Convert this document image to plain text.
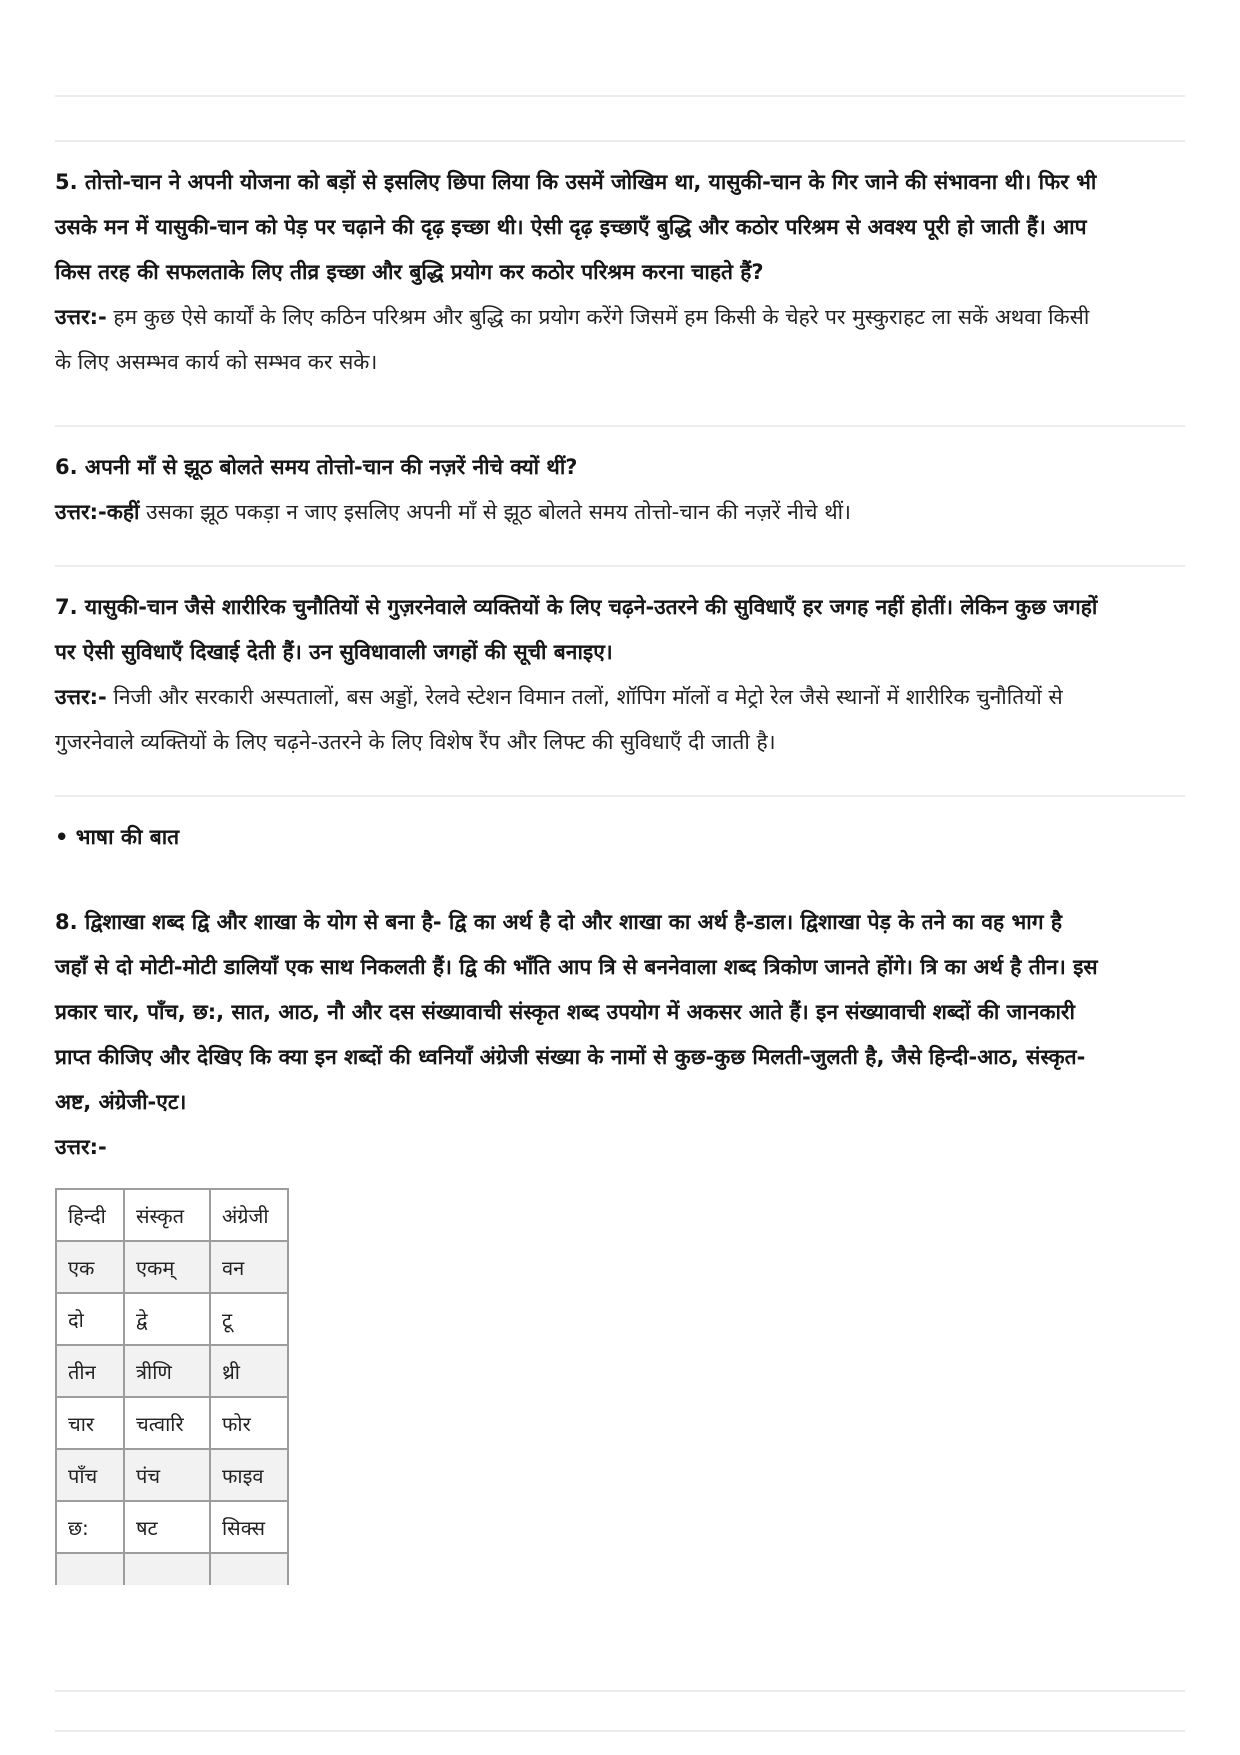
5. तोत्तो-चान ने अपनी योजना को बड़ों से इसलिए छिपा लिया कि उसमें जोखिम था, यासुकी-चान के गिर जाने की संभावना थी। फिर भी उसके मन में यासुकी-चान को पेड़ पर चढ़ाने की दृढ़ इच्छा थी। ऐसी दृढ़ इच्छाएँ बुद्धि और कठोर परिश्रम से अवश्य पूरी हो जाती हैं। आप किस तरह की सफलताके लिए तीव्र इच्छा और बुद्धि प्रयोग कर कठोर परिश्रम करना चाहते हैं?

उत्तर:- हम कुछ ऐसे कार्यों के लिए कठिन परिश्रम और बुद्धि का प्रयोग करेंगे जिसमें हम किसी के चेहरे पर मुस्कुराहट ला सकें अथवा किसी के लिए असम्भव कार्य को सम्भव कर सके।

6. अपनी माँ से झूठ बोलते समय तोत्तो-चान की नज़रें नीचे क्यों थीं?

उत्तर:-कहीं उसका झूठ पकड़ा न जाए इसलिए अपनी माँ से झूठ बोलते समय तोत्तो-चान की नज़रें नीचे थीं।

7. यासुकी-चान जैसे शारीरिक चुनौतियों से गुज़रनेवाले व्यक्तियों के लिए चढ़ने-उतरने की सुविधाएँ हर जगह नहीं होतीं। लेकिन कुछ जगहों पर ऐसी सुविधाएँ दिखाई देती हैं। उन सुविधावाली जगहों की सूची बनाइए।

उत्तर:- निजी और सरकारी अस्पतालों, बस अड्डों, रेलवे स्टेशन विमान तलों, शॉपिग मॉलों व मेट्रो रेल जैसे स्थानों में शारीरिक चुनौतियों से गुजरनेवाले व्यक्तियों के लिए चढ़ने-उतरने के लिए विशेष रैंप और लिफ्ट की सुविधाएँ दी जाती है।

• भाषा की बात

8. द्विशाखा शब्द द्वि और शाखा के योग से बना है- द्वि का अर्थ है दो और शाखा का अर्थ है-डाल। द्विशाखा पेड़ के तने का वह भाग है जहाँ से दो मोटी-मोटी डालियाँ एक साथ निकलती हैं। द्वि की भाँति आप त्रि से बननेवाला शब्द त्रिकोण जानते होंगे। त्रि का अर्थ है तीन। इस प्रकार चार, पाँच, छ:, सात, आठ, नौ और दस संख्यावाची संस्कृत शब्द उपयोग में अकसर आते हैं। इन संख्यावाची शब्दों की जानकारी प्राप्त कीजिए और देखिए कि क्या इन शब्दों की ध्वनियाँ अंग्रेजी संख्या के नामों से कुछ-कुछ मिलती-जुलती है, जैसे हिन्दी-आठ, संस्कृत-अष्ट, अंग्रेजी-एट।

उत्तर:-

हिन्दी	संस्कृत	अंग्रेजी
एक	एकम्	वन
दो	द्वे	टू
तीन	त्रीणि	थ्री
चार	चत्वारि	फोर
पाँच	पंच	फाइव
छ:	षट	सिक्स
